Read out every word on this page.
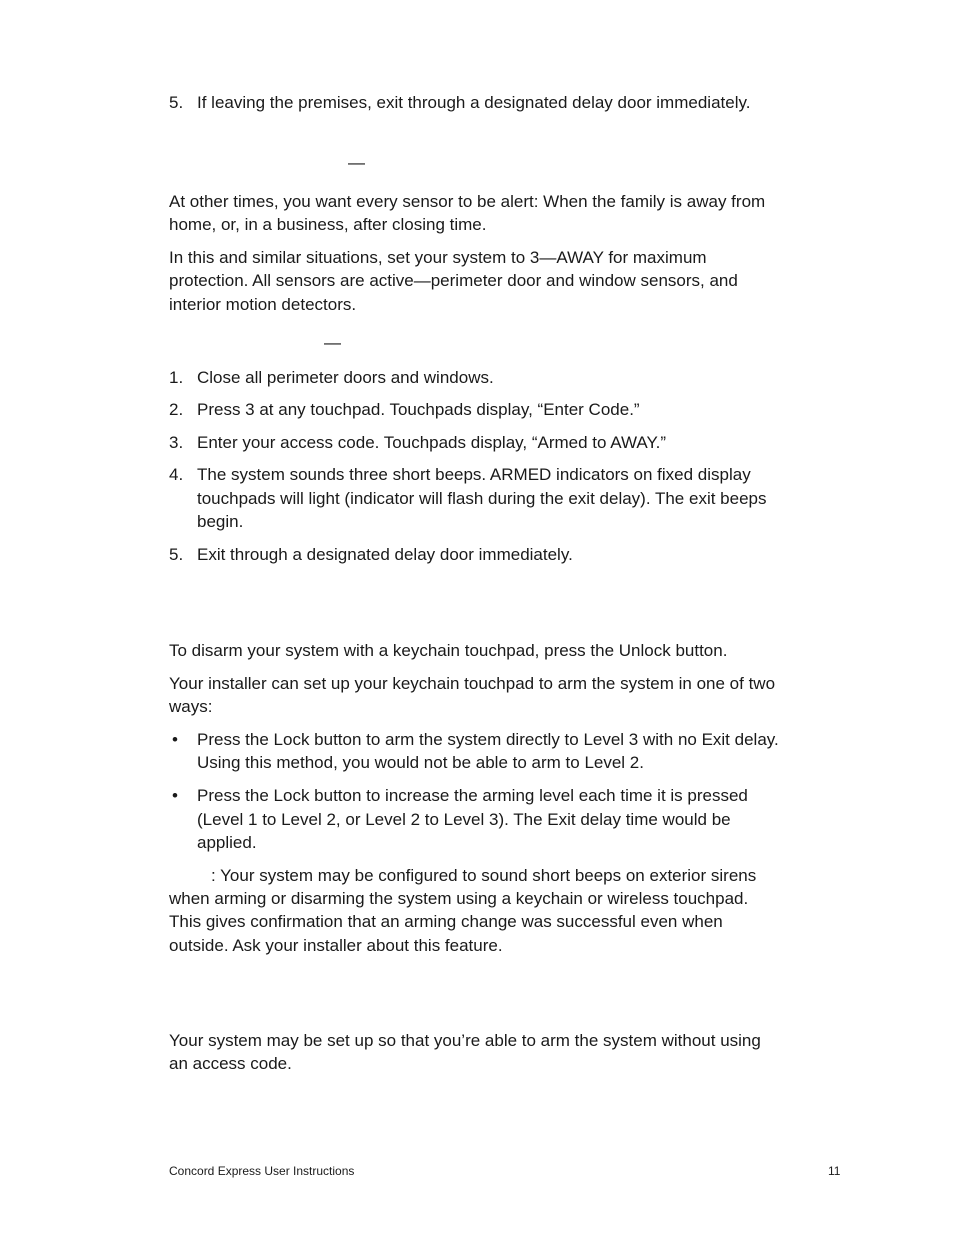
5. If leaving the premises, exit through a designated delay door immediately.

—

At other times, you want every sensor to be alert: When the family is away from

home, or, in a business, after closing time.

In this and similar situations, set your system to 3—AWAY for maximum

protection. All sensors are active—perimeter door and window sensors, and

interior motion detectors.

—
1. Close all perimeter doors and windows.

2. Press 3 at any touchpad. Touchpads display, “Enter Code.”

3. Enter your access code. Touchpads display, “Armed to AWAY.”

4. The system sounds three short beeps. ARMED indicators on fixed display

touchpads will light (indicator will flash during the exit delay). The exit beeps

begin.

5. Exit through a designated delay door immediately.

To disarm your system with a keychain touchpad, press the Unlock button.

Your installer can set up your keychain touchpad to arm the system in one of two

ways:

• Press the Lock button to arm the system directly to Level 3 with no Exit delay.

Using this method, you would not be able to arm to Level 2.

• Press the Lock button to increase the arming level each time it is pressed

(Level 1 to Level 2, or Level 2 to Level 3). The Exit delay time would be

applied.

: Your system may be configured to sound short beeps on exterior sirens

when arming or disarming the system using a keychain or wireless touchpad.

This gives confirmation that an arming change was successful even when

outside. Ask your installer about this feature.

Your system may be set up so that you’re able to arm the system without using

an access code.

Concord Express User Instructions	11
